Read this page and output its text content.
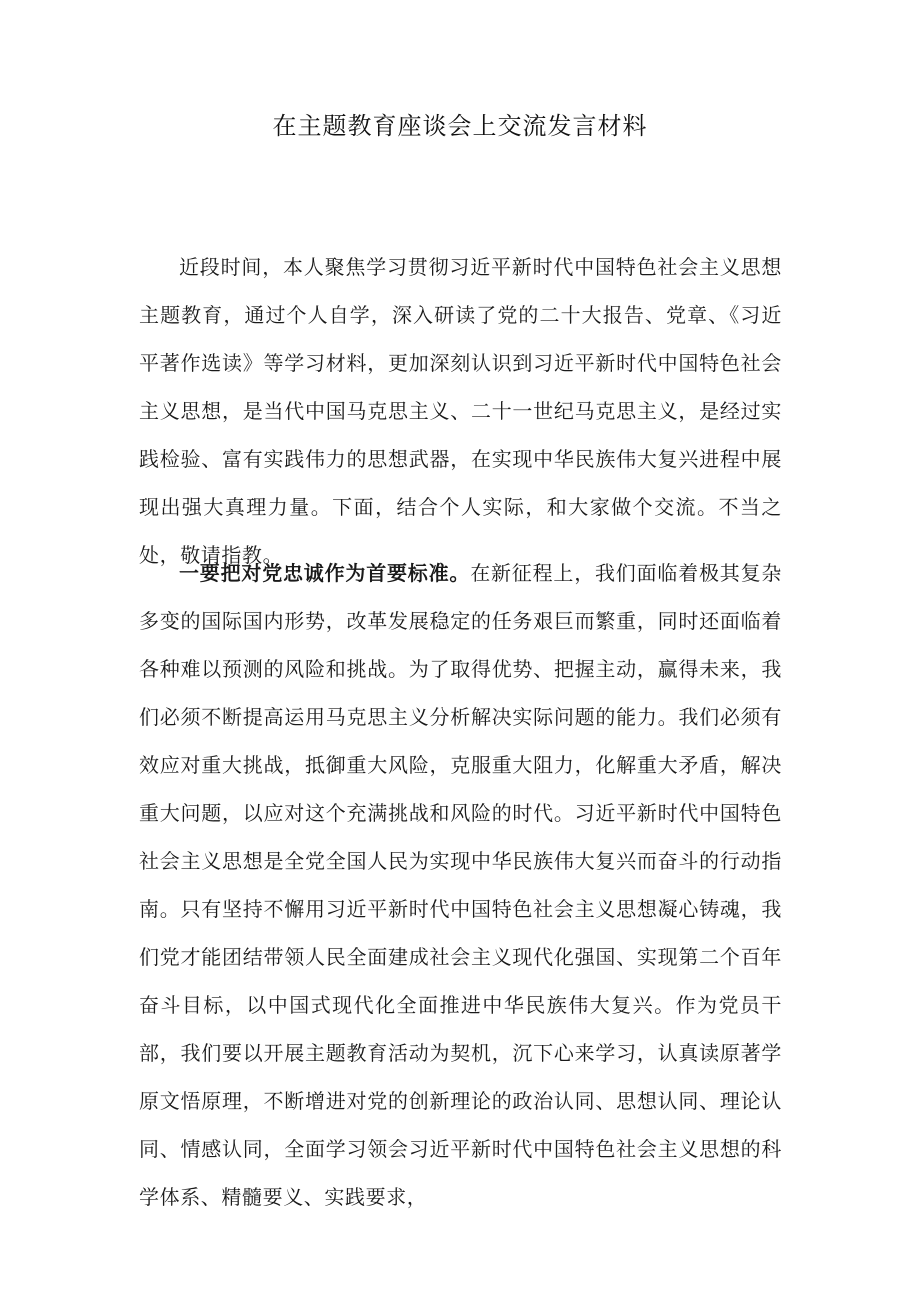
在主题教育座谈会上交流发言材料

近段时间，本人聚焦学习贯彻习近平新时代中国特色社会主义思想主题教育，通过个人自学，深入研读了党的二十大报告、党章、《习近平著作选读》等学习材料，更加深刻认识到习近平新时代中国特色社会主义思想，是当代中国马克思主义、二十一世纪马克思主义，是经过实践检验、富有实践伟力的思想武器，在实现中华民族伟大复兴进程中展现出强大真理力量。下面，结合个人实际，和大家做个交流。不当之处，敬请指教。

一要把对党忠诚作为首要标准。在新征程上，我们面临着极其复杂多变的国际国内形势，改革发展稳定的任务艰巨而繁重，同时还面临着各种难以预测的风险和挑战。为了取得优势、把握主动，赢得未来，我们必须不断提高运用马克思主义分析解决实际问题的能力。我们必须有效应对重大挑战，抵御重大风险，克服重大阻力，化解重大矛盾，解决重大问题，以应对这个充满挑战和风险的时代。习近平新时代中国特色社会主义思想是全党全国人民为实现中华民族伟大复兴而奋斗的行动指南。只有坚持不懈用习近平新时代中国特色社会主义思想凝心铸魂，我们党才能团结带领人民全面建成社会主义现代化强国、实现第二个百年奋斗目标，以中国式现代化全面推进中华民族伟大复兴。作为党员干部，我们要以开展主题教育活动为契机，沉下心来学习，认真读原著学原文悟原理，不断增进对党的创新理论的政治认同、思想认同、理论认同、情感认同，全面学习领会习近平新时代中国特色社会主义思想的科学体系、精髓要义、实践要求，
